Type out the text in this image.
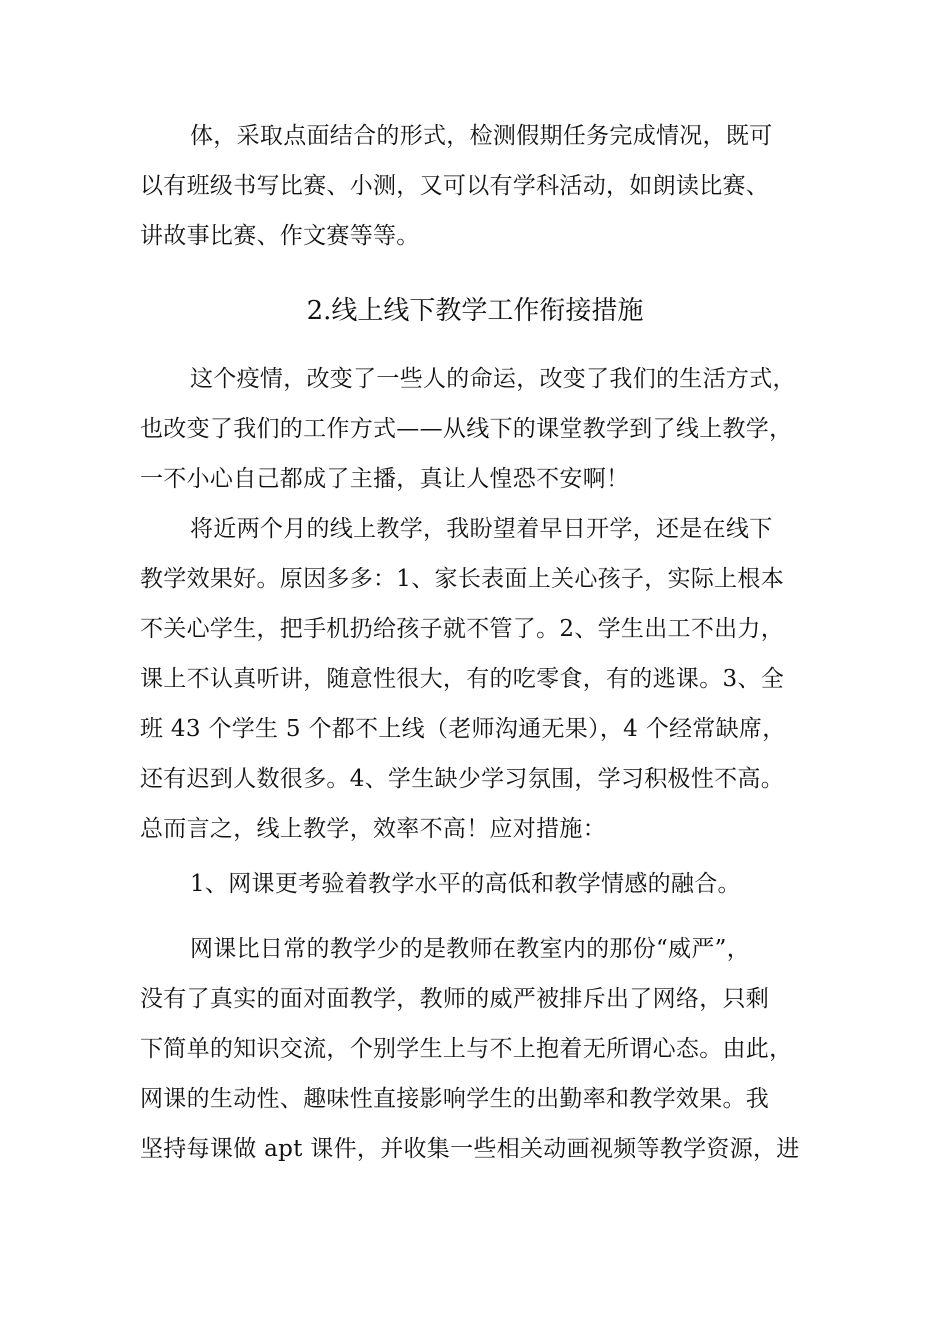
体，采取点面结合的形式，检测假期任务完成情况，既可
以有班级书写比赛、小测，又可以有学科活动，如朗读比赛、
讲故事比赛、作文赛等等。
2.线上线下教学工作衔接措施
这个疫情，改变了一些人的命运，改变了我们的生活方式，
也改变了我们的工作方式——从线下的课堂教学到了线上教学，
一不小心自己都成了主播，真让人惶恐不安啊！
将近两个月的线上教学，我盼望着早日开学，还是在线下
教学效果好。原因多多：1、家长表面上关心孩子，实际上根本
不关心学生，把手机扔给孩子就不管了。2、学生出工不出力，
课上不认真听讲，随意性很大，有的吃零食，有的逃课。3、全
班 43 个学生 5 个都不上线（老师沟通无果），4 个经常缺席，
还有迟到人数很多。4、学生缺少学习氛围，学习积极性不高。
总而言之，线上教学，效率不高！应对措施：
1、网课更考验着教学水平的高低和教学情感的融合。
网课比日常的教学少的是教师在教室内的那份“威严”，
没有了真实的面对面教学，教师的威严被排斥出了网络，只剩
下简单的知识交流，个别学生上与不上抱着无所谓心态。由此，
网课的生动性、趣味性直接影响学生的出勤率和教学效果。我
坚持每课做 apt 课件，并收集一些相关动画视频等教学资源，进
